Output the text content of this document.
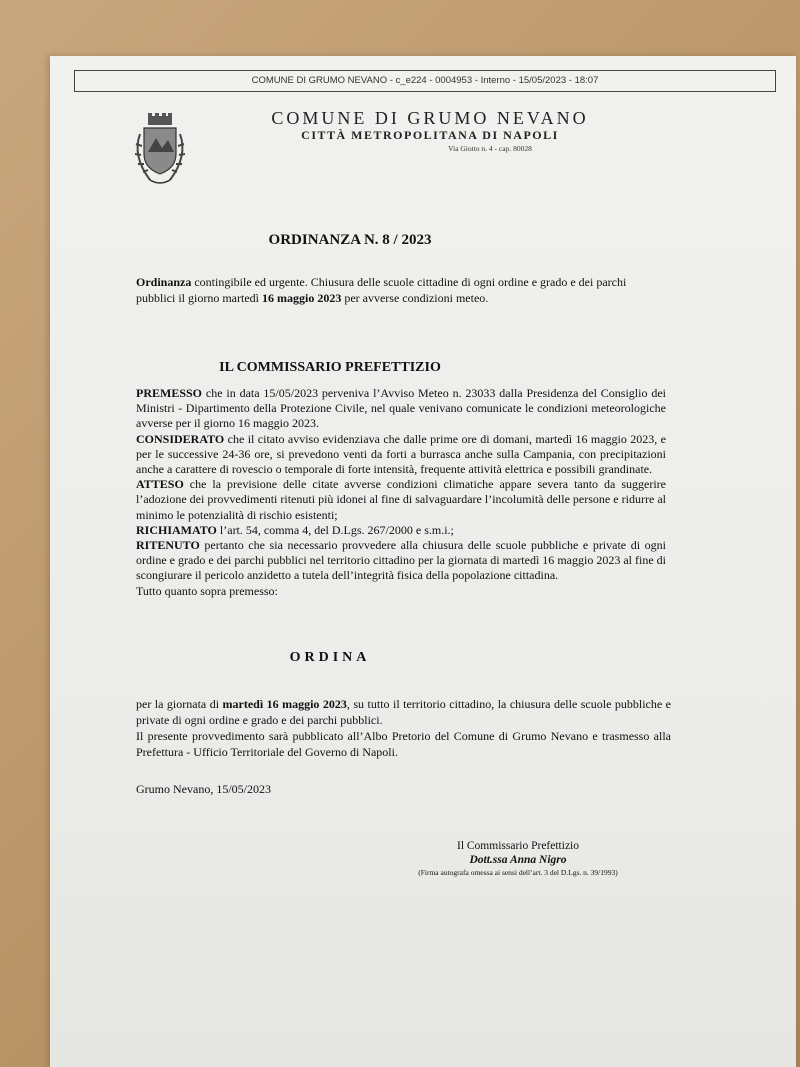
COMUNE DI GRUMO NEVANO - c_e224 - 0004953 - Interno - 15/05/2023 - 18:07
COMUNE DI GRUMO NEVANO
CITTÀ METROPOLITANA DI NAPOLI
Via Giotto n. 4 - cap. 80028
ORDINANZA N. 8 / 2023
Ordinanza contingibile ed urgente. Chiusura delle scuole cittadine di ogni ordine e grado e dei parchi pubblici il giorno martedì 16 maggio 2023 per avverse condizioni meteo.
IL COMMISSARIO PREFETTIZIO

PREMESSO che in data 15/05/2023 perveniva l’Avviso Meteo n. 23033 dalla Presidenza del Consiglio dei Ministri - Dipartimento della Protezione Civile, nel quale venivano comunicate le condizioni meteorologiche avverse per il giorno 16 maggio 2023.

CONSIDERATO che il citato avviso evidenziava che dalle prime ore di domani, martedì 16 maggio 2023, e per le successive 24-36 ore, si prevedono venti da forti a burrasca anche sulla Campania, con precipitazioni anche a carattere di rovescio o temporale di forte intensità, frequente attività elettrica e possibili grandinate.

ATTESO che la previsione delle citate avverse condizioni climatiche appare severa tanto da suggerire l’adozione dei provvedimenti ritenuti più idonei al fine di salvaguardare l’incolumità delle persone e ridurre al minimo le potenzialità di rischio esistenti;

RICHIAMATO l’art. 54, comma 4, del D.Lgs. 267/2000 e s.m.i.;

RITENUTO pertanto che sia necessario provvedere alla chiusura delle scuole pubbliche e private di ogni ordine e grado e dei parchi pubblici nel territorio cittadino per la giornata di martedì 16 maggio 2023 al fine di scongiurare il pericolo anzidetto a tutela dell’integrità fisica della popolazione cittadina.

Tutto quanto sopra premesso:

ORDINA

per la giornata di martedì 16 maggio 2023, su tutto il territorio cittadino, la chiusura delle scuole pubbliche e private di ogni ordine e grado e dei parchi pubblici.

Il presente provvedimento sarà pubblicato all’Albo Pretorio del Comune di Grumo Nevano e trasmesso alla Prefettura - Ufficio Territoriale del Governo di Napoli.

Grumo Nevano, 15/05/2023
Il Commissario Prefettizio
Dott.ssa Anna Nigro
(Firma autografa omessa ai sensi dell’art. 3 del D.Lgs. n. 39/1993)
